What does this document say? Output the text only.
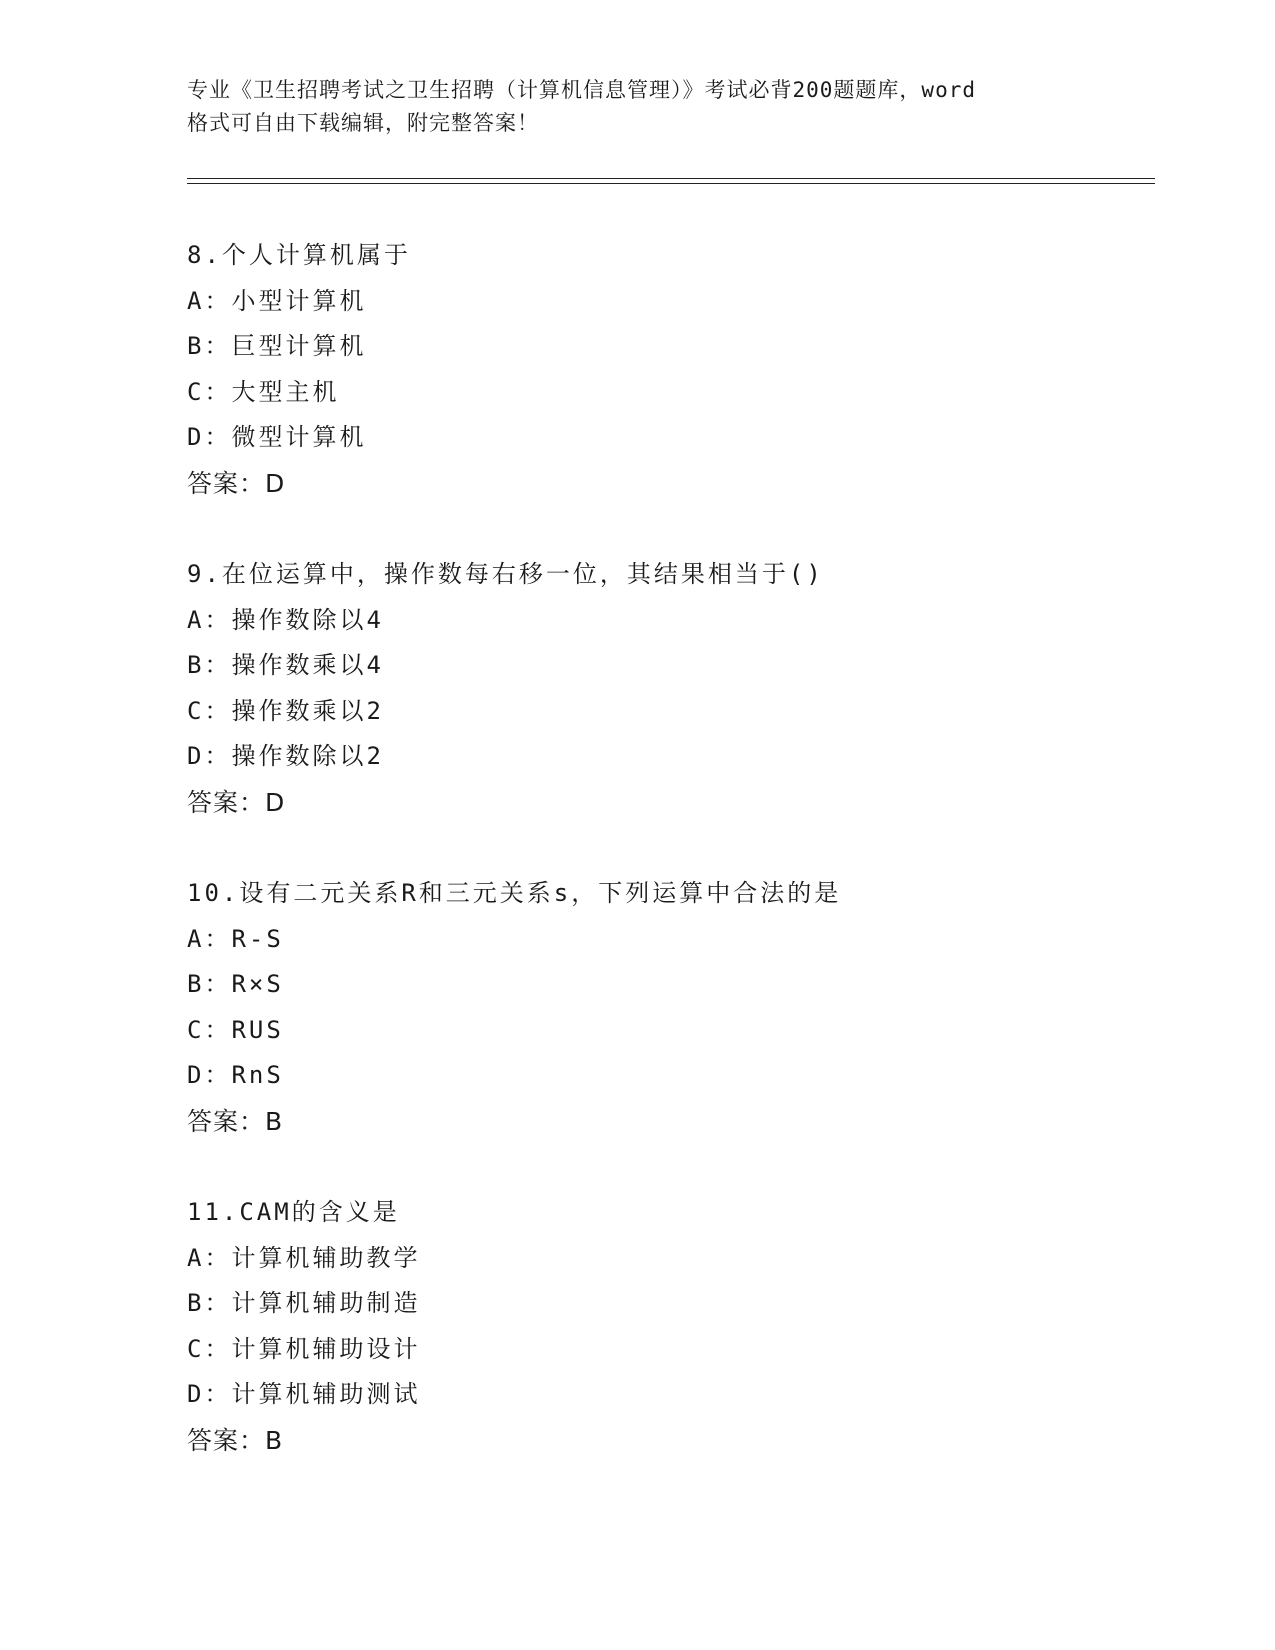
专业《卫生招聘考试之卫生招聘（计算机信息管理）》考试必背200题题库，word
格式可自由下载编辑，附完整答案！
8.个人计算机属于
A：小型计算机
B：巨型计算机
C：大型主机
D：微型计算机
答案：D
9.在位运算中，操作数每右移一位，其结果相当于()
A：操作数除以4
B：操作数乘以4
C：操作数乘以2
D：操作数除以2
答案：D
10.设有二元关系R和三元关系s，下列运算中合法的是
A：R-S
B：R×S
C：RUS
D：RnS
答案：B
11.CAM的含义是
A：计算机辅助教学
B：计算机辅助制造
C：计算机辅助设计
D：计算机辅助测试
答案：B
